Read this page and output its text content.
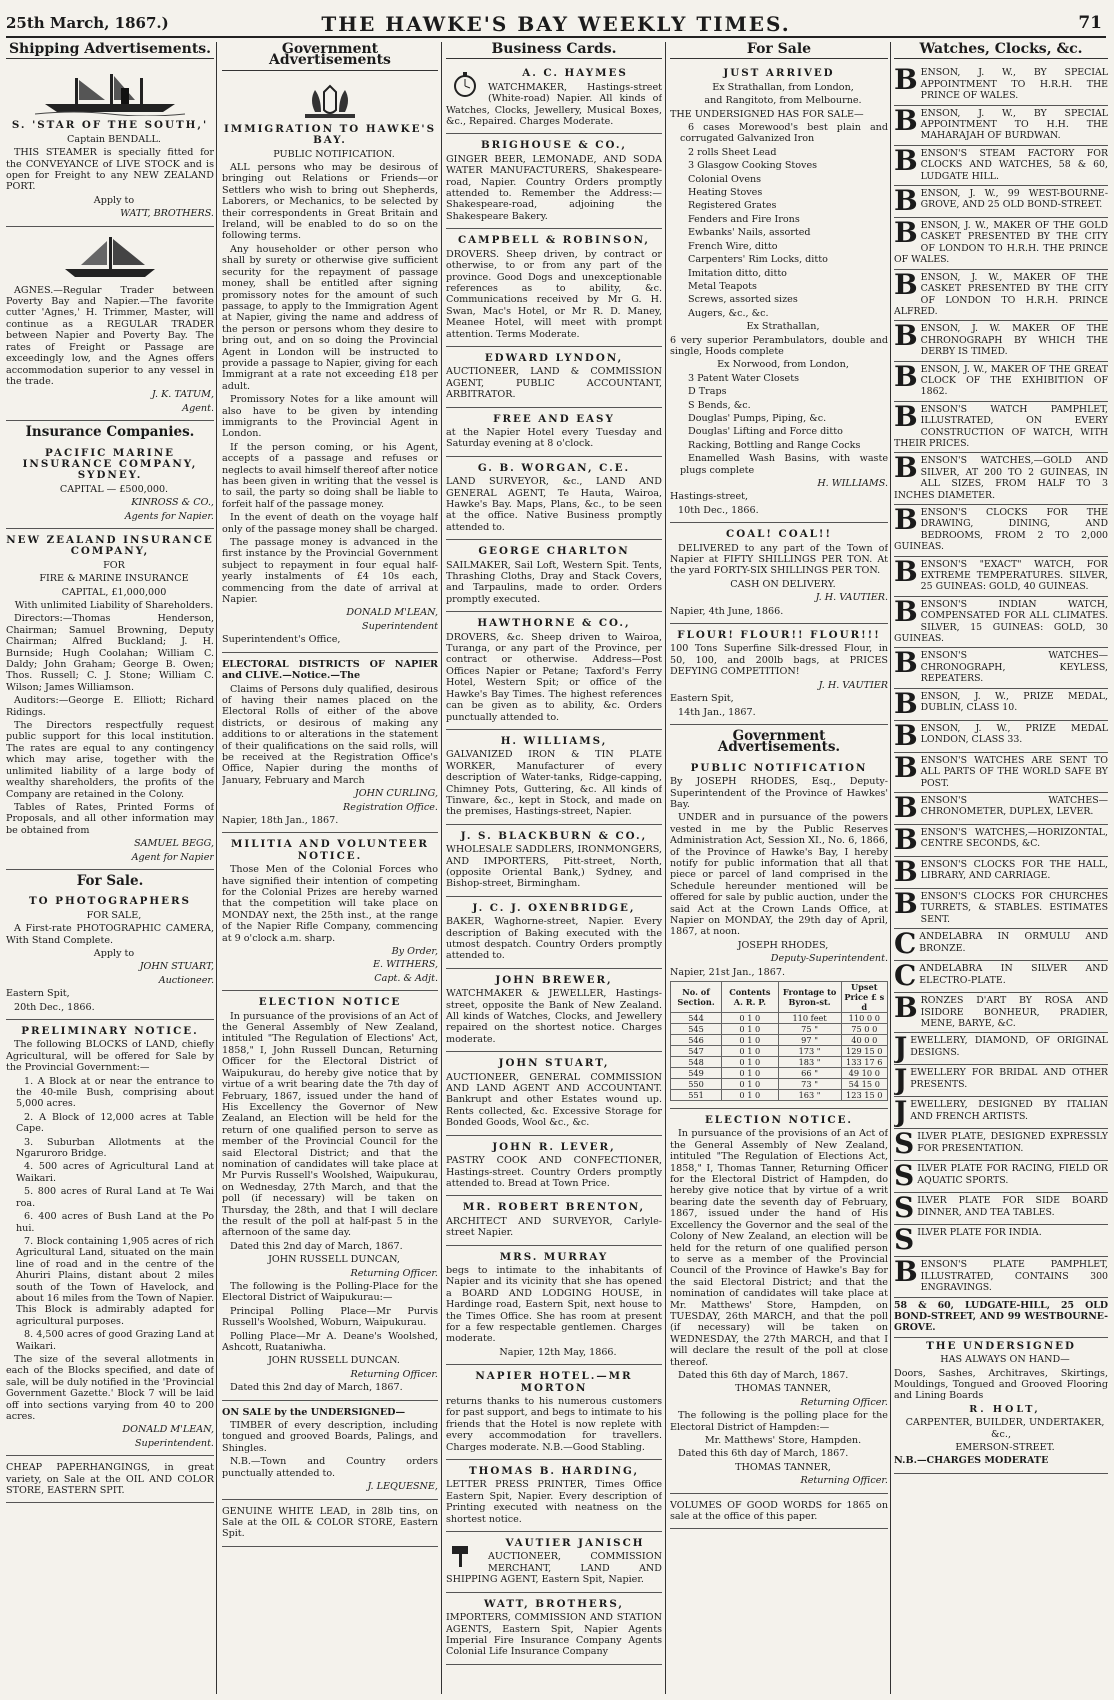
25th March, 1867.)	THE HAWKE'S BAY WEEKLY TIMES.	71
Shipping Advertisements.
S. 'STAR OF THE SOUTH,'

Captain BENDALL.

THIS STEAMER is specially fitted for the CONVEYANCE of LIVE STOCK and is open for Freight to any NEW ZEALAND PORT.

Apply to

WATT, BROTHERS.

AGNES.—Regular Trader between Poverty Bay and Napier.—The favorite cutter 'Agnes,' H. Trimmer, Master, will continue as a REGULAR TRADER between Napier and Poverty Bay. The rates of Freight or Passage are exceedingly low, and the Agnes offers accommodation superior to any vessel in the trade.

J. K. TATUM,

Agent.

Insurance Companies.
PACIFIC MARINE INSURANCE COMPANY, SYDNEY.

CAPITAL — £500,000.

KINROSS & CO.,

Agents for Napier.

NEW ZEALAND INSURANCE COMPANY,

FOR

FIRE & MARINE INSURANCE

CAPITAL, £1,000,000

With unlimited Liability of Shareholders.

Directors:—Thomas Henderson, Chairman; Samuel Browning, Deputy Chairman; Alfred Buckland; J. H. Burnside; Hugh Coolahan; William C. Daldy; John Graham; George B. Owen; Thos. Russell; C. J. Stone; William C. Wilson; James Williamson.

Auditors:—George E. Elliott; Richard Ridings.

The Directors respectfully request public support for this local institution. The rates are equal to any contingency which may arise, together with the unlimited liability of a large body of wealthy shareholders, the profits of the Company are retained in the Colony.

Tables of Rates, Printed Forms of Proposals, and all other information may be obtained from

SAMUEL BEGG,

Agent for Napier

For Sale.
TO PHOTOGRAPHERS

FOR SALE,

A First-rate PHOTOGRAPHIC CAMERA, With Stand Complete.

Apply to

JOHN STUART,

Auctioneer.

Eastern Spit,

20th Dec., 1866.

PRELIMINARY NOTICE.

The following BLOCKS of LAND, chiefly Agricultural, will be offered for Sale by the Provincial Government:—

1. A Block at or near the entrance to the 40-mile Bush, comprising about 5,000 acres.

2. A Block of 12,000 acres at Table Cape.

3. Suburban Allotments at the Ngaruroro Bridge.

4. 500 acres of Agricultural Land at Waikari.

5. 800 acres of Rural Land at Te Wai roa.

6. 400 acres of Bush Land at the Po hui.

7. Block containing 1,905 acres of rich Agricultural Land, situated on the main line of road and in the centre of the Ahuriri Plains, distant about 2 miles south of the Town of Havelock, and about 16 miles from the Town of Napier. This Block is admirably adapted for agricultural purposes.

8. 4,500 acres of good Grazing Land at Waikari.

The size of the several allotments in each of the Blocks specified, and date of sale, will be duly notified in the 'Provincial Government Gazette.' Block 7 will be laid off into sections varying from 40 to 200 acres.

DONALD M'LEAN,

Superintendent.

CHEAP PAPERHANGINGS, in great variety, on Sale at the OIL AND COLOR STORE, EASTERN SPIT.

Government Advertisements
IMMIGRATION TO HAWKE'S BAY.

PUBLIC NOTIFICATION.

ALL persons who may be desirous of bringing out Relations or Friends—or Settlers who wish to bring out Shepherds, Laborers, or Mechanics, to be selected by their correspondents in Great Britain and Ireland, will be enabled to do so on the following terms.

Any householder or other person who shall by surety or otherwise give sufficient security for the repayment of passage money, shall be entitled after signing promissory notes for the amount of such passage, to apply to the Immigration Agent at Napier, giving the name and address of the person or persons whom they desire to bring out, and on so doing the Provincial Agent in London will be instructed to provide a passage to Napier, giving for each Immigrant at a rate not exceeding £18 per adult.

Promissory Notes for a like amount will also have to be given by intending immigrants to the Provincial Agent in London.

If the person coming, or his Agent, accepts of a passage and refuses or neglects to avail himself thereof after notice has been given in writing that the vessel is to sail, the party so doing shall be liable to forfeit half of the passage money.

In the event of death on the voyage half only of the passage money shall be charged.

The passage money is advanced in the first instance by the Provincial Government subject to repayment in four equal half-yearly instalments of £4 10s each, commencing from the date of arrival at Napier.

DONALD M'LEAN,

Superintendent

Superintendent's Office,

ELECTORAL DISTRICTS OF NAPIER and CLIVE.—Notice.—The

Claims of Persons duly qualified, desirous of having their names placed on the Electoral Rolls of either of the above districts, or desirous of making any additions to or alterations in the statement of their qualifications on the said rolls, will be received at the Registration Office's Office, Napier during the months of January, February and March

JOHN CURLING,

Registration Office.

Napier, 18th Jan., 1867.

MILITIA AND VOLUNTEER NOTICE.

Those Men of the Colonial Forces who have signified their intention of competing for the Colonial Prizes are hereby warned that the competition will take place on MONDAY next, the 25th inst., at the range of the Napier Rifle Company, commencing at 9 o'clock a.m. sharp.

By Order,

E. WITHERS,

Capt. & Adjt.

ELECTION NOTICE

In pursuance of the provisions of an Act of the General Assembly of New Zealand, intituled "The Regulation of Elections' Act, 1858," I, John Russell Duncan, Returning Officer for the Electoral District of Waipukurau, do hereby give notice that by virtue of a writ bearing date the 7th day of February, 1867, issued under the hand of His Excellency the Governor of New Zealand, an Election will be held for the return of one qualified person to serve as member of the Provincial Council for the said Electoral District; and that the nomination of candidates will take place at Mr Purvis Russell's Woolshed, Waipukurau, on Wednesday, 27th March, and that the poll (if necessary) will be taken on Thursday, the 28th, and that I will declare the result of the poll at half-past 5 in the afternoon of the same day.

Dated this 2nd day of March, 1867.

JOHN RUSSELL DUNCAN,

Returning Officer.

The following is the Polling-Place for the Electoral District of Waipukurau:—

Principal Polling Place—Mr Purvis Russell's Woolshed, Woburn, Waipukurau.

Polling Place—Mr A. Deane's Woolshed, Ashcott, Ruataniwha.

JOHN RUSSELL DUNCAN.

Returning Officer.

Dated this 2nd day of March, 1867.

ON SALE by the UNDERSIGNED—

TIMBER of every description, including tongued and grooved Boards, Palings, and Shingles.

N.B.—Town and Country orders punctually attended to.

J. LEQUESNE,

GENUINE WHITE LEAD, in 28lb tins, on Sale at the OIL & COLOR STORE, Eastern Spit.

Business Cards.
A. C. HAYMES

WATCHMAKER, Hastings-street (White-road) Napier. All kinds of Watches, Clocks, Jewellery, Musical Boxes, &c., Repaired. Charges Moderate.

BRIGHOUSE & CO.,

GINGER BEER, LEMONADE, AND SODA WATER MANUFACTURERS, Shakespeare-road, Napier. Country Orders promptly attended to. Remember the Address:—Shakespeare-road, adjoining the Shakespeare Bakery.

CAMPBELL & ROBINSON,

DROVERS. Sheep driven, by contract or otherwise, to or from any part of the province. Good Dogs and unexceptionable references as to ability, &c. Communications received by Mr G. H. Swan, Mac's Hotel, or Mr R. D. Maney, Meanee Hotel, will meet with prompt attention. Terms Moderate.

EDWARD LYNDON,

AUCTIONEER, LAND & COMMISSION AGENT, PUBLIC ACCOUNTANT, ARBITRATOR.

FREE AND EASY

at the Napier Hotel every Tuesday and Saturday evening at 8 o'clock.

G. B. WORGAN, C.E.

LAND SURVEYOR, &c., LAND AND GENERAL AGENT, Te Hauta, Wairoa, Hawke's Bay. Maps, Plans, &c., to be seen at the office. Native Business promptly attended to.

GEORGE CHARLTON

SAILMAKER, Sail Loft, Western Spit. Tents, Thrashing Cloths, Dray and Stack Covers, and Tarpaulins, made to order. Orders promptly executed.

HAWTHORNE & CO.,

DROVERS, &c. Sheep driven to Wairoa, Turanga, or any part of the Province, per contract or otherwise. Address—Post Offices Napier or Petane; Taxford's Ferry Hotel, Western Spit; or office of the Hawke's Bay Times. The highest references can be given as to ability, &c. Orders punctually attended to.

H. WILLIAMS,

GALVANIZED IRON & TIN PLATE WORKER, Manufacturer of every description of Water-tanks, Ridge-capping, Chimney Pots, Guttering, &c. All kinds of Tinware, &c., kept in Stock, and made on the premises, Hastings-street, Napier.

J. S. BLACKBURN & CO.,

WHOLESALE SADDLERS, IRONMONGERS, AND IMPORTERS, Pitt-street, North, (opposite Oriental Bank,) Sydney, and Bishop-street, Birmingham.

J. C. J. OXENBRIDGE,

BAKER, Waghorne-street, Napier. Every description of Baking executed with the utmost despatch. Country Orders promptly attended to.

JOHN BREWER,

WATCHMAKER & JEWELLER, Hastings-street, opposite the Bank of New Zealand. All kinds of Watches, Clocks, and Jewellery repaired on the shortest notice. Charges moderate.

JOHN STUART,

AUCTIONEER, GENERAL COMMISSION AND LAND AGENT AND ACCOUNTANT. Bankrupt and other Estates wound up. Rents collected, &c. Excessive Storage for Bonded Goods, Wool &c., &c.

JOHN R. LEVER,

PASTRY COOK AND CONFECTIONER, Hastings-street. Country Orders promptly attended to. Bread at Town Price.

MR. ROBERT BRENTON,

ARCHITECT AND SURVEYOR, Carlyle-street Napier.

MRS. MURRAY

begs to intimate to the inhabitants of Napier and its vicinity that she has opened a BOARD AND LODGING HOUSE, in Hardinge road, Eastern Spit, next house to the Times Office. She has room at present for a few respectable gentlemen. Charges moderate.

Napier, 12th May, 1866.

NAPIER HOTEL.—MR MORTON

returns thanks to his numerous customers for past support, and begs to intimate to his friends that the Hotel is now replete with every accommodation for travellers. Charges moderate. N.B.—Good Stabling.

THOMAS B. HARDING,

LETTER PRESS PRINTER, Times Office Eastern Spit, Napier. Every description of Printing executed with neatness on the shortest notice.

VAUTIER JANISCH

AUCTIONEER, COMMISSION MERCHANT, LAND AND SHIPPING AGENT, Eastern Spit, Napier.

WATT, BROTHERS,

IMPORTERS, COMMISSION AND STATION AGENTS, Eastern Spit, Napier Agents Imperial Fire Insurance Company Agents Colonial Life Insurance Company

For Sale
JUST ARRIVED

Ex Strathallan, from London,

and Rangitoto, from Melbourne.

THE UNDERSIGNED HAS FOR SALE—

6 cases Morewood's best plain and corrugated Galvanized Iron

2 rolls Sheet Lead

3 Glasgow Cooking Stoves

Colonial Ovens

Heating Stoves

Registered Grates

Fenders and Fire Irons

Ewbanks' Nails, assorted

French Wire, ditto

Carpenters' Rim Locks, ditto

Imitation ditto, ditto

Metal Teapots

Screws, assorted sizes

Augers, &c., &c.

Ex Strathallan,

6 very superior Perambulators, double and single, Hoods complete

Ex Norwood, from London,

3 Patent Water Closets

D Traps

S Bends, &c.

Douglas' Pumps, Piping, &c.

Douglas' Lifting and Force ditto

Racking, Bottling and Range Cocks

Enamelled Wash Basins, with waste plugs complete

H. WILLIAMS.

Hastings-street,

10th Dec., 1866.

COAL! COAL!!

DELIVERED to any part of the Town of Napier at FIFTY SHILLINGS PER TON. At the yard FORTY-SIX SHILLINGS PER TON.

CASH ON DELIVERY.

J. H. VAUTIER.

Napier, 4th June, 1866.

FLOUR! FLOUR!! FLOUR!!!

100 Tons Superfine Silk-dressed Flour, in 50, 100, and 200lb bags, at PRICES DEFYING COMPETITION!

J. H. VAUTIER

Eastern Spit,

14th Jan., 1867.

Government Advertisements.
PUBLIC NOTIFICATION

By JOSEPH RHODES, Esq., Deputy-Superintendent of the Province of Hawkes' Bay.

UNDER and in pursuance of the powers vested in me by the Public Reserves Administration Act, Session XI., No. 6, 1866, of the Province of Hawke's Bay, I hereby notify for public information that all that piece or parcel of land comprised in the Schedule hereunder mentioned will be offered for sale by public auction, under the said Act at the Crown Lands Office, at Napier on MONDAY, the 29th day of April, 1867, at noon.

JOSEPH RHODES,

Deputy-Superintendent.

Napier, 21st Jan., 1867.

No. of Section.	Contents A. R. P.	Frontage to Byron-st.	Upset Price £ s d
544	0 1 0	110 feet	110 0 0
545	0 1 0	75 "	75 0 0
546	0 1 0	97 "	40 0 0
547	0 1 0	173 "	129 15 0
548	0 1 0	183 "	133 17 6
549	0 1 0	66 "	49 10 0
550	0 1 0	73 "	54 15 0
551	0 1 0	163 "	123 15 0
ELECTION NOTICE.

In pursuance of the provisions of an Act of the General Assembly of New Zealand, intituled "The Regulation of Elections Act, 1858," I, Thomas Tanner, Returning Officer for the Electoral District of Hampden, do hereby give notice that by virtue of a writ bearing date the seventh day of February, 1867, issued under the hand of His Excellency the Governor and the seal of the Colony of New Zealand, an election will be held for the return of one qualified person to serve as a member of the Provincial Council of the Province of Hawke's Bay for the said Electoral District; and that the nomination of candidates will take place at Mr. Matthews' Store, Hampden, on TUESDAY, 26th MARCH, and that the poll (if necessary) will be taken on WEDNESDAY, the 27th MARCH, and that I will declare the result of the poll at close thereof.

Dated this 6th day of March, 1867.

THOMAS TANNER,

Returning Officer.

The following is the polling place for the Electoral District of Hampden:—

Mr. Matthews' Store, Hampden.

Dated this 6th day of March, 1867.

THOMAS TANNER,

Returning Officer.

VOLUMES OF GOOD WORDS for 1865 on sale at the office of this paper.

Watches, Clocks, &c.
BENSON, J. W., BY SPECIAL APPOINTMENT TO H.R.H. THE PRINCE OF WALES.
BENSON, J. W., BY SPECIAL APPOINTMENT TO H.H. THE MAHARAJAH OF BURDWAN.
BENSON'S STEAM FACTORY FOR CLOCKS AND WATCHES, 58 & 60, LUDGATE HILL.
BENSON, J. W., 99 WEST-BOURNE-GROVE, AND 25 OLD BOND-STREET.
BENSON, J. W., MAKER OF THE GOLD CASKET PRESENTED BY THE CITY OF LONDON TO H.R.H. THE PRINCE OF WALES.
BENSON, J. W., MAKER OF THE CASKET PRESENTED BY THE CITY OF LONDON TO H.R.H. PRINCE ALFRED.
BENSON, J. W. MAKER OF THE CHRONOGRAPH BY WHICH THE DERBY IS TIMED.
BENSON, J. W., MAKER OF THE GREAT CLOCK OF THE EXHIBITION OF 1862.
BENSON'S WATCH PAMPHLET, ILLUSTRATED, ON EVERY CONSTRUCTION OF WATCH, WITH THEIR PRICES.
BENSON'S WATCHES,—GOLD AND SILVER, AT 200 TO 2 GUINEAS, IN ALL SIZES, FROM HALF TO 3 INCHES DIAMETER.
BENSON'S CLOCKS FOR THE DRAWING, DINING, AND BEDROOMS, FROM 2 TO 2,000 GUINEAS.
BENSON'S "EXACT" WATCH, FOR EXTREME TEMPERATURES. SILVER, 25 GUINEAS: GOLD, 40 GUINEAS.
BENSON'S INDIAN WATCH, COMPENSATED FOR ALL CLIMATES. SILVER, 15 GUINEAS: GOLD, 30 GUINEAS.
BENSON'S WATCHES—CHRONOGRAPH, KEYLESS, REPEATERS.
BENSON, J. W., PRIZE MEDAL, DUBLIN, CLASS 10.
BENSON, J. W., PRIZE MEDAL LONDON, CLASS 33.
BENSON'S WATCHES ARE SENT TO ALL PARTS OF THE WORLD SAFE BY POST.
BENSON'S WATCHES—CHRONOMETER, DUPLEX, LEVER.
BENSON'S WATCHES,—HORIZONTAL, CENTRE SECONDS, &C.
BENSON'S CLOCKS FOR THE HALL, LIBRARY, AND CARRIAGE.
BENSON'S CLOCKS FOR CHURCHES TURRETS, & STABLES. ESTIMATES SENT.
CANDELABRA IN ORMULU AND BRONZE.
CANDELABRA IN SILVER AND ELECTRO-PLATE.
BRONZES D'ART BY ROSA AND ISIDORE BONHEUR, PRADIER, MENE, BARYE, &C.
JEWELLERY, DIAMOND, OF ORIGINAL DESIGNS.
JEWELLERY FOR BRIDAL AND OTHER PRESENTS.
JEWELLERY, DESIGNED BY ITALIAN AND FRENCH ARTISTS.
SILVER PLATE, DESIGNED EXPRESSLY FOR PRESENTATION.
SILVER PLATE FOR RACING, FIELD OR AQUATIC SPORTS.
SILVER PLATE FOR SIDE BOARD DINNER, AND TEA TABLES.
SILVER PLATE FOR INDIA.
BENSON'S PLATE PAMPHLET, ILLUSTRATED, CONTAINS 300 ENGRAVINGS.
58 & 60, LUDGATE-HILL, 25 OLD BOND-STREET, AND 99 WESTBOURNE-GROVE.
THE UNDERSIGNED

HAS ALWAYS ON HAND—

Doors, Sashes, Architraves, Skirtings, Mouldings, Tongued and Grooved Flooring and Lining Boards

R. HOLT,

CARPENTER, BUILDER, UNDERTAKER, &c.,

EMERSON-STREET.

N.B.—CHARGES MODERATE
